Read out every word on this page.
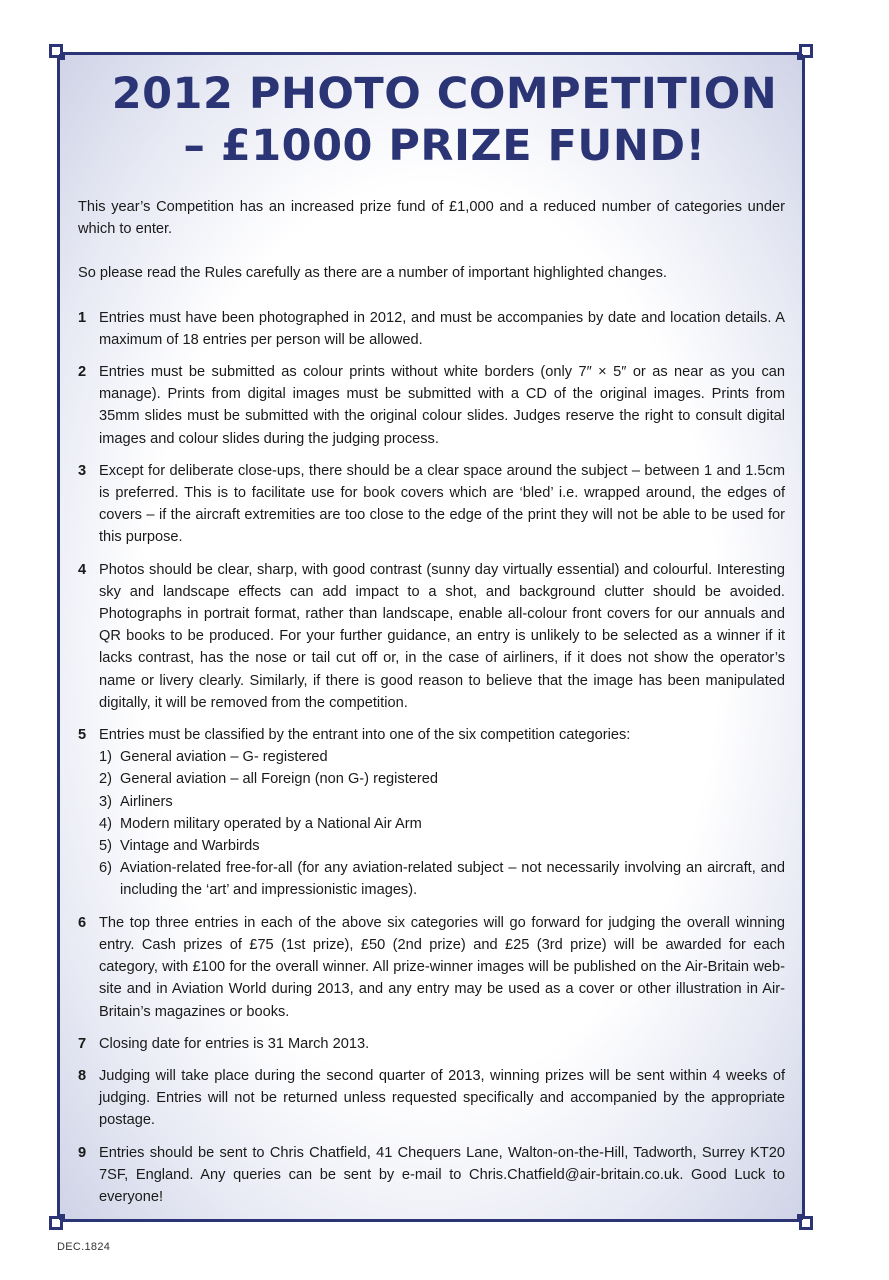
2012 PHOTO COMPETITION
– £1000 PRIZE FUND!

This year’s Competition has an increased prize fund of £1,000 and a reduced number of categories under which to enter.

So please read the Rules carefully as there are a number of important highlighted changes.

1 Entries must have been photographed in 2012, and must be accompanies by date and location details. A maximum of 18 entries per person will be allowed.
2 Entries must be submitted as colour prints without white borders (only 7″ × 5″ or as near as you can manage). Prints from digital images must be submitted with a CD of the original images. Prints from 35mm slides must be submitted with the original colour slides. Judges reserve the right to consult digital images and colour slides during the judging process.
3 Except for deliberate close-ups, there should be a clear space around the subject – between 1 and 1.5cm is preferred. This is to facilitate use for book covers which are ‘bled’ i.e. wrapped around, the edges of covers – if the aircraft extremities are too close to the edge of the print they will not be able to be used for this purpose.
4 Photos should be clear, sharp, with good contrast (sunny day virtually essential) and colourful. Interesting sky and landscape effects can add impact to a shot, and background clutter should be avoided. Photographs in portrait format, rather than landscape, enable all-colour front covers for our annuals and QR books to be produced. For your further guidance, an entry is unlikely to be selected as a winner if it lacks contrast, has the nose or tail cut off or, in the case of airliners, if it does not show the operator’s name or livery clearly. Similarly, if there is good reason to believe that the image has been manipulated digitally, it will be removed from the competition.
5 Entries must be classified by the entrant into one of the six competition categories:
1) General aviation – G- registered
2) General aviation – all Foreign (non G-) registered
3) Airliners
4) Modern military operated by a National Air Arm
5) Vintage and Warbirds
6) Aviation-related free-for-all (for any aviation-related subject – not necessarily involving an aircraft, and including the ‘art’ and impressionistic images).
6 The top three entries in each of the above six categories will go forward for judging the overall winning entry. Cash prizes of £75 (1st prize), £50 (2nd prize) and £25 (3rd prize) will be awarded for each category, with £100 for the overall winner. All prize-winner images will be published on the Air-Britain web-site and in Aviation World during 2013, and any entry may be used as a cover or other illustration in Air-Britain’s magazines or books.
7 Closing date for entries is 31 March 2013.
8 Judging will take place during the second quarter of 2013, winning prizes will be sent within 4 weeks of judging. Entries will not be returned unless requested specifically and accompanied by the appropriate postage.
9 Entries should be sent to Chris Chatfield, 41 Chequers Lane, Walton-on-the-Hill, Tadworth, Surrey KT20 7SF, England. Any queries can be sent by e-mail to Chris.Chatfield@air-britain.co.uk. Good Luck to everyone!
DEC.1824
